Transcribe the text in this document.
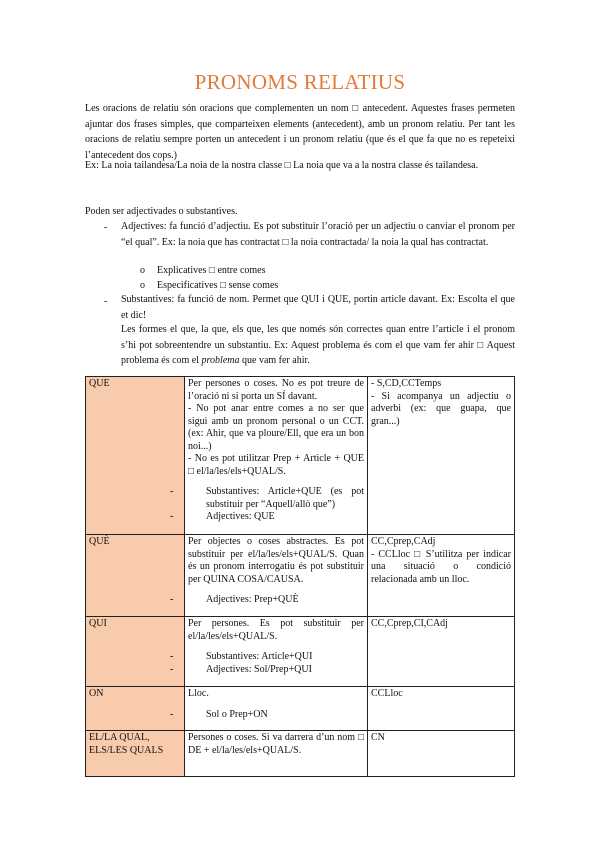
PRONOMS RELATIUS

Les oracions de relatiu són oracions que complementen un nom □ antecedent. Aquestes frases permeten ajuntar dos frases simples, que comparteixen elements (antecedent), amb un pronom relatiu. Per tant les oracions de relatiu sempre porten un antecedent i un pronom relatiu (que és el que fa que no es repeteixi l’antecedent dos cops.)

Ex: La noia tailandesa/La noia de la nostra classe □ La noia que va a la nostra classe és tailandesa.

Poden ser adjectivades o substantives.

- Adjectives: fa funció d’adjectiu. Es pot substituir l’oració per un adjectiu o canviar el pronom per “el qual”. Ex: la noia que has contractat □ la noia contractada/ la noia la qual has contractat.

o Explicatives □ entre comes
o Especificatives □ sense comes
- Substantives: fa funció de nom. Permet que QUI i QUE, portin article davant. Ex: Escolta el que et dic!

Les formes el que, la que, els que, les que només són correctes quan entre l’article i el pronom s’hi pot sobreentendre un substantiu. Ex: Aquest problema és com el que vam fer ahir □ Aquest problema és com el problema que vam fer ahir.

QUE	Per persones o coses. No es pot treure de l’oració ni si porta un SÍ davant.
- No pot anar entre comes a no ser que sigui amb un pronom personal o un CCT. (ex: Ahir, que va ploure/Ell, que era un bon noi...)
- No es pot utilitzar Prep + Article + QUE □ el/la/les/els+QUAL/S.
- Substantives: Article+QUE (es pot substituir per “Aquell/allò que”)
- Adjectives: QUE	- S,CD,CCTemps
- Si acompanya un adjectiu o adverbi (ex: que guapa, que gran...)

QUÈ	Per objectes o coses abstractes. Es pot substituir per el/la/les/els+QUAL/S. Quan és un pronom interrogatiu és pot substituir per QUINA COSA/CAUSA.
- Adjectives: Prep+QUÈ	CC,Cprep,CAdj
- CCLloc □ S’utilitza per indicar una situació o condició relacionada amb un lloc.

QUI	Per persones. Es pot substituir per el/la/les/els+QUAL/S.
- Substantives: Article+QUI
- Adjectives: Sol/Prep+QUI	CC,Cprep,CI,CAdj

ON	Lloc.
- Sol o Prep+ON	CCLloc

EL/LA QUAL, ELS/LES QUALS	Persones o coses. Si va darrera d’un nom □ DE + el/la/les/els+QUAL/S.	CN
